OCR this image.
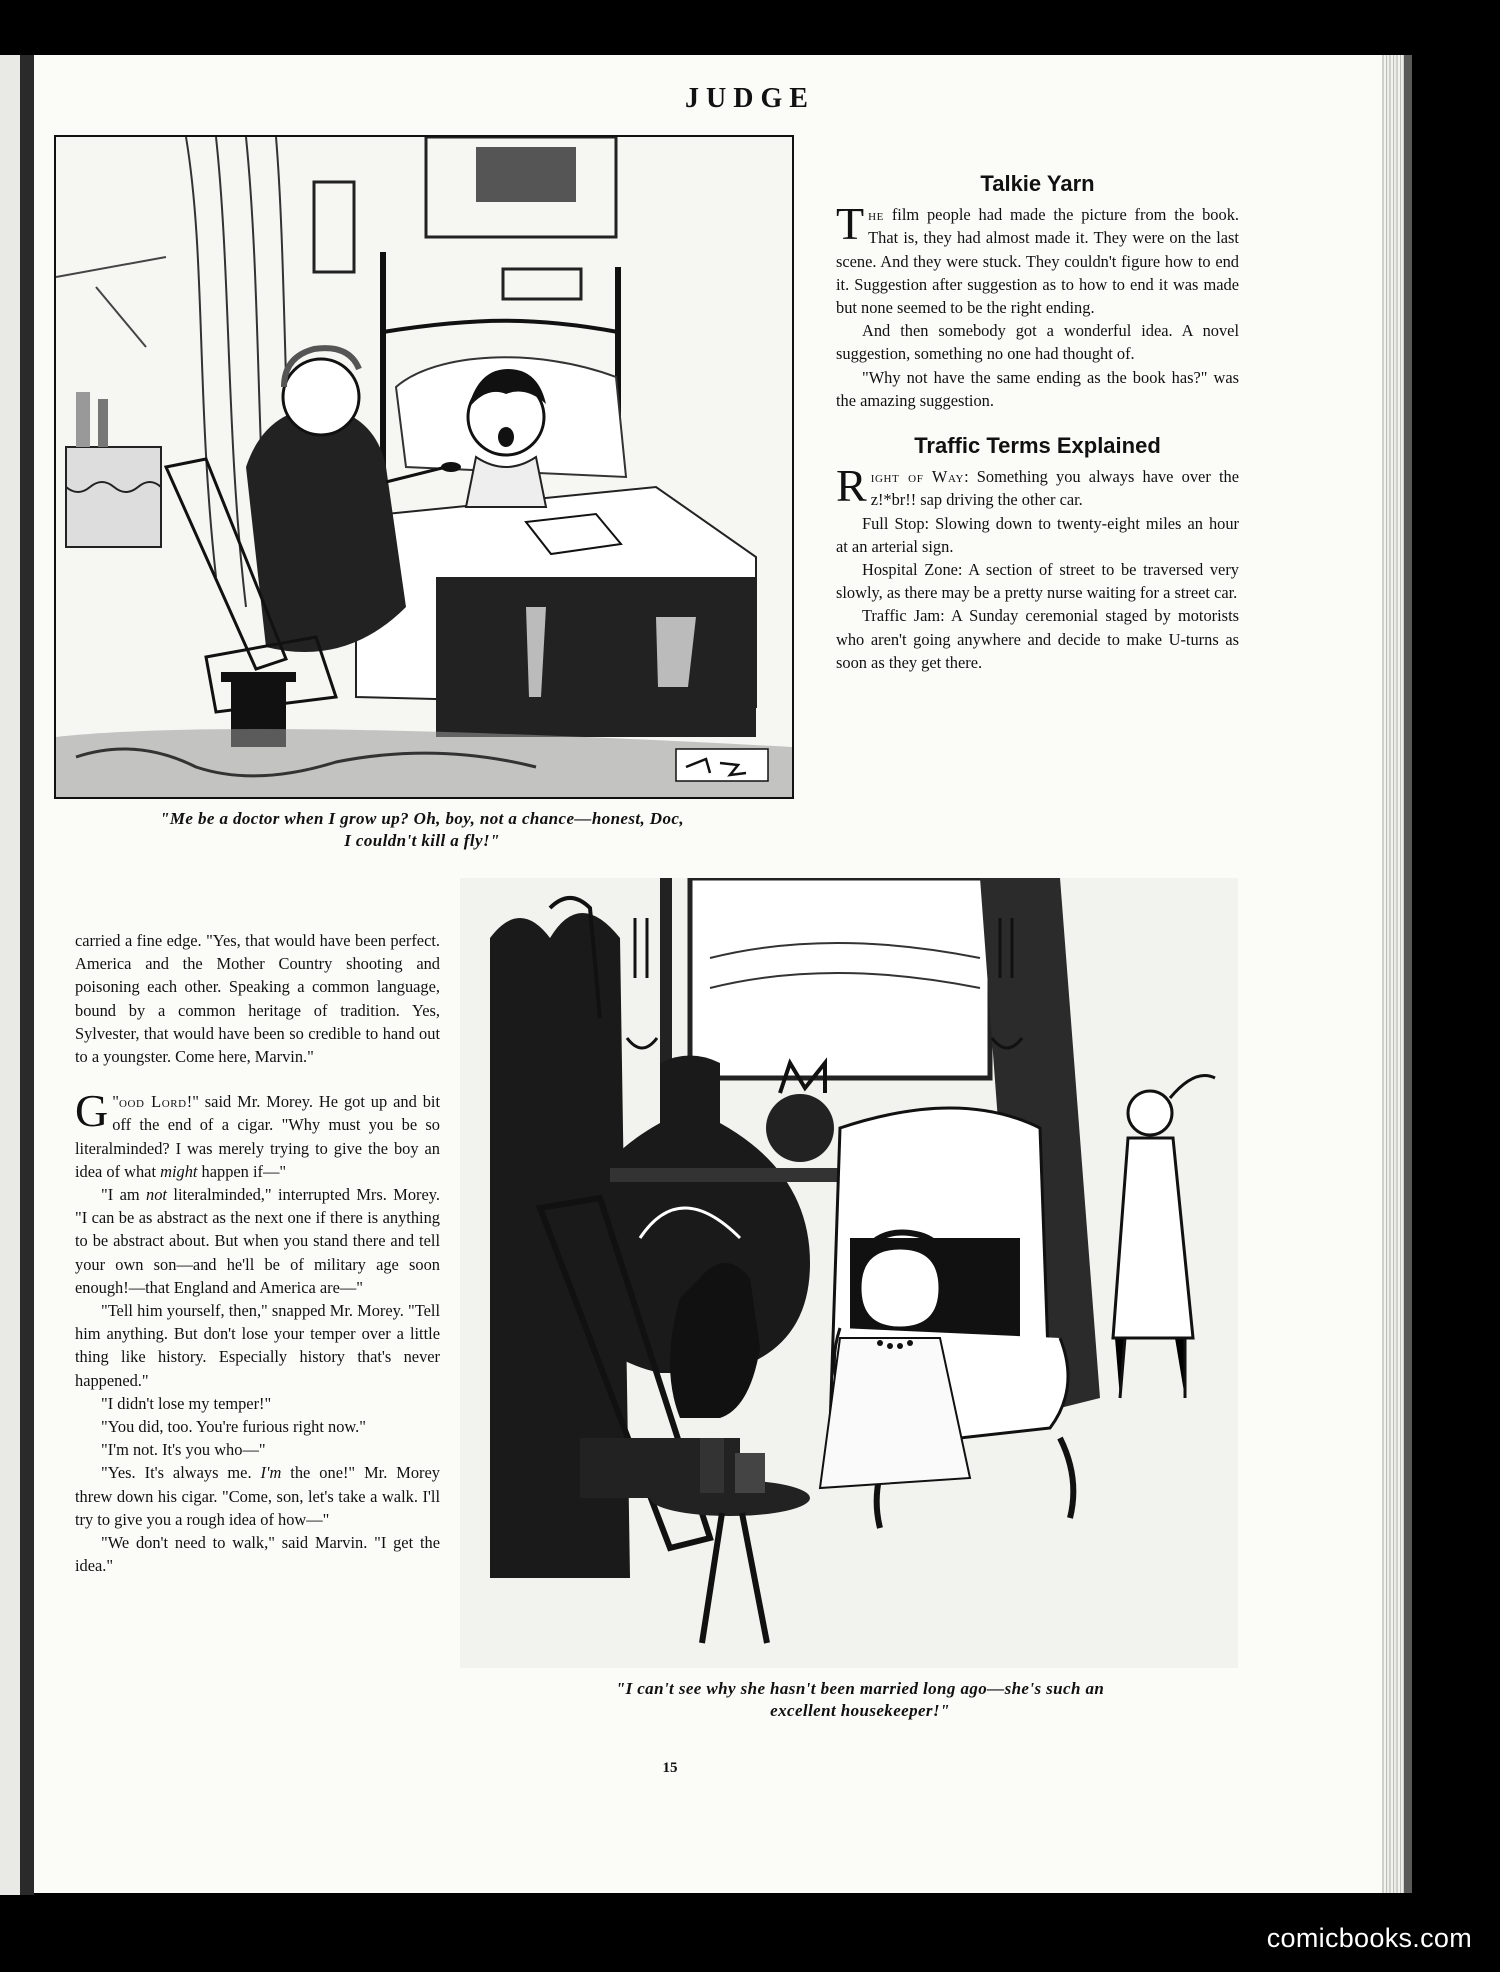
JUDGE
"Me be a doctor when I grow up? Oh, boy, not a chance—honest, Doc,
I couldn't kill a fly!"
Talkie Yarn

The film people had made the picture from the book. That is, they had almost made it. They were on the last scene. And they were stuck. They couldn't figure how to end it. Suggestion after suggestion as to how to end it was made but none seemed to be the right ending.

And then somebody got a wonderful idea. A novel suggestion, something no one had thought of.

"Why not have the same ending as the book has?" was the amazing suggestion.

Traffic Terms Explained

Right of Way: Something you always have over the z!*br!! sap driving the other car.

Full Stop: Slowing down to twenty-eight miles an hour at an arterial sign.

Hospital Zone: A section of street to be traversed very slowly, as there may be a pretty nurse waiting for a street car.

Traffic Jam: A Sunday ceremonial staged by motorists who aren't going anywhere and decide to make U-turns as soon as they get there.

carried a fine edge. "Yes, that would have been perfect. America and the Mother Country shooting and poisoning each other. Speaking a common language, bound by a common heritage of tradition. Yes, Sylvester, that would have been so credible to hand out to a youngster. Come here, Marvin."

"
G ood Lord!" said Mr. Morey. He got up and bit off the end of a cigar. "Why must you be so literalminded? I was merely trying to give the boy an idea of what might happen if—"

"I am not literalminded," interrupted Mrs. Morey. "I can be as abstract as the next one if there is anything to be abstract about. But when you stand there and tell your own son—and he'll be of military age soon enough!—that England and America are—"

"Tell him yourself, then," snapped Mr. Morey. "Tell him anything. But don't lose your temper over a little thing like history. Especially history that's never happened."

"I didn't lose my temper!"

"You did, too. You're furious right now."

"I'm not. It's you who—"

"Yes. It's always me. I'm the one!" Mr. Morey threw down his cigar. "Come, son, let's take a walk. I'll try to give you a rough idea of how—"

"We don't need to walk," said Marvin. "I get the idea."

"I can't see why she hasn't been married long ago—she's such an
excellent housekeeper!"
15
comicbooks.com
